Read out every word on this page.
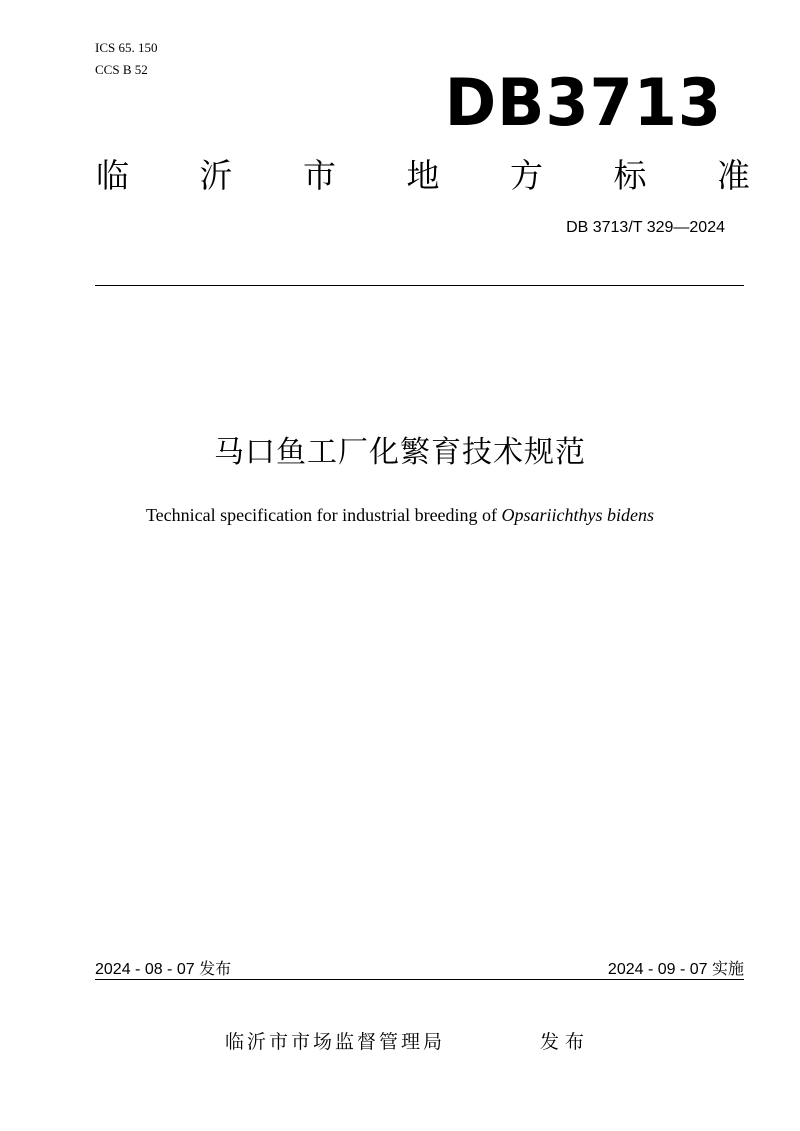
ICS 65. 150
CCS B 52	DB3713
临 沂 市 地 方 标 准
DB 3713/T 329—2024
马口鱼工厂化繁育技术规范
Technical specification for industrial breeding of Opsariichthys bidens
2024 - 08 - 07 发布	2024 - 09 - 07 实施
临沂市市场监督管理局	发布
